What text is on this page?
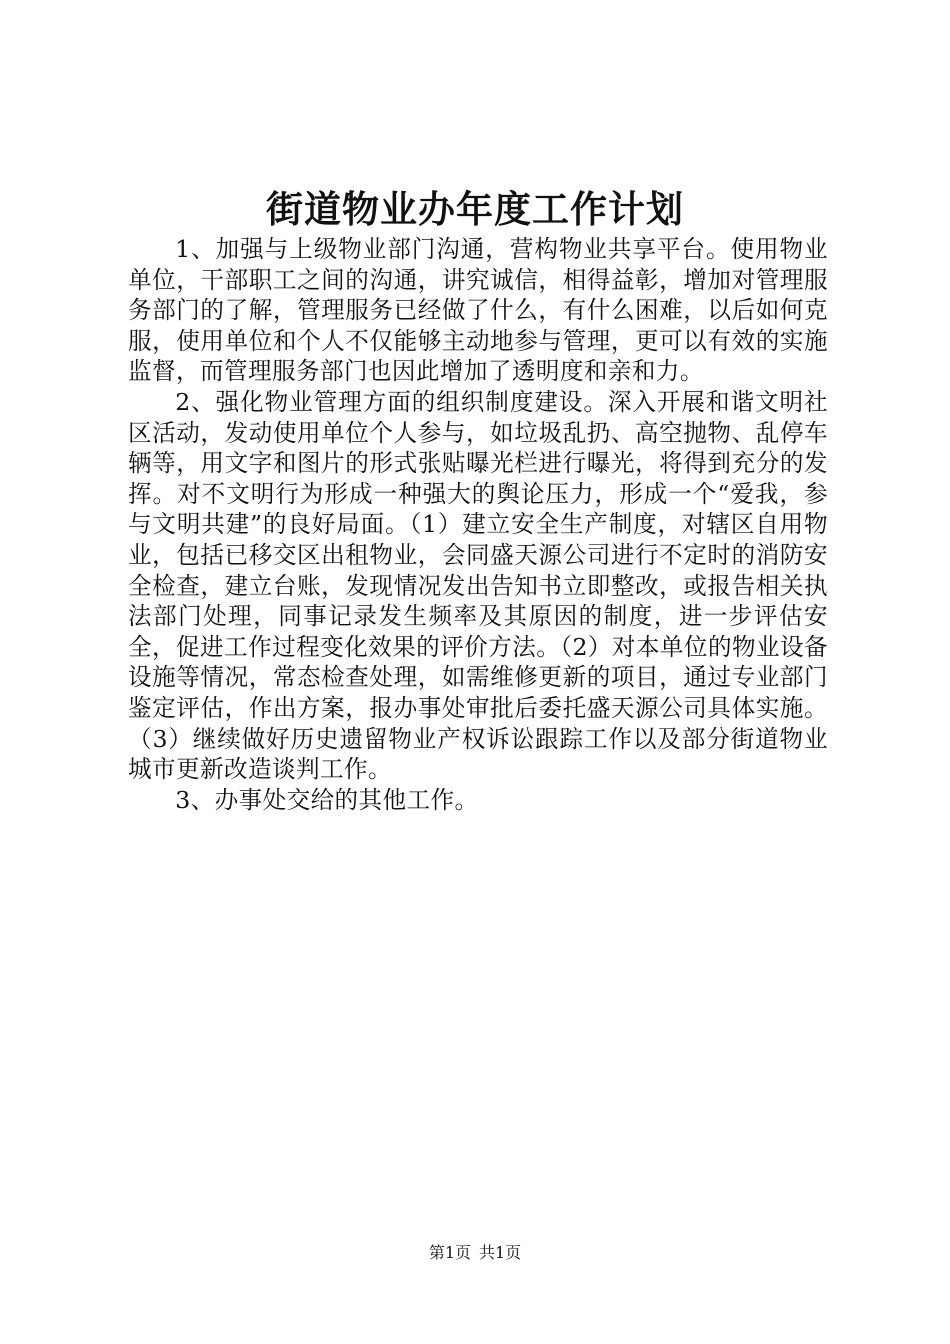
街道物业办年度工作计划

1、加强与上级物业部门沟通，营构物业共享平台。使用物业单位，干部职工之间的沟通，讲究诚信，相得益彰，增加对管理服务部门的了解，管理服务已经做了什么，有什么困难，以后如何克服，使用单位和个人不仅能够主动地参与管理，更可以有效的实施监督，而管理服务部门也因此增加了透明度和亲和力。

2、强化物业管理方面的组织制度建设。深入开展和谐文明社区活动，发动使用单位个人参与，如垃圾乱扔、高空抛物、乱停车辆等，用文字和图片的形式张贴曝光栏进行曝光，将得到充分的发挥。对不文明行为形成一种强大的舆论压力，形成一个“爱我，参与文明共建”的良好局面。（1）建立安全生产制度，对辖区自用物业，包括已移交区出租物业，会同盛天源公司进行不定时的消防安全检查，建立台账，发现情况发出告知书立即整改，或报告相关执法部门处理，同事记录发生频率及其原因的制度，进一步评估安全，促进工作过程变化效果的评价方法。（2）对本单位的物业设备设施等情况，常态检查处理，如需维修更新的项目，通过专业部门鉴定评估，作出方案，报办事处审批后委托盛天源公司具体实施。（3）继续做好历史遗留物业产权诉讼跟踪工作以及部分街道物业城市更新改造谈判工作。

3、办事处交给的其他工作。

第1页 共1页
